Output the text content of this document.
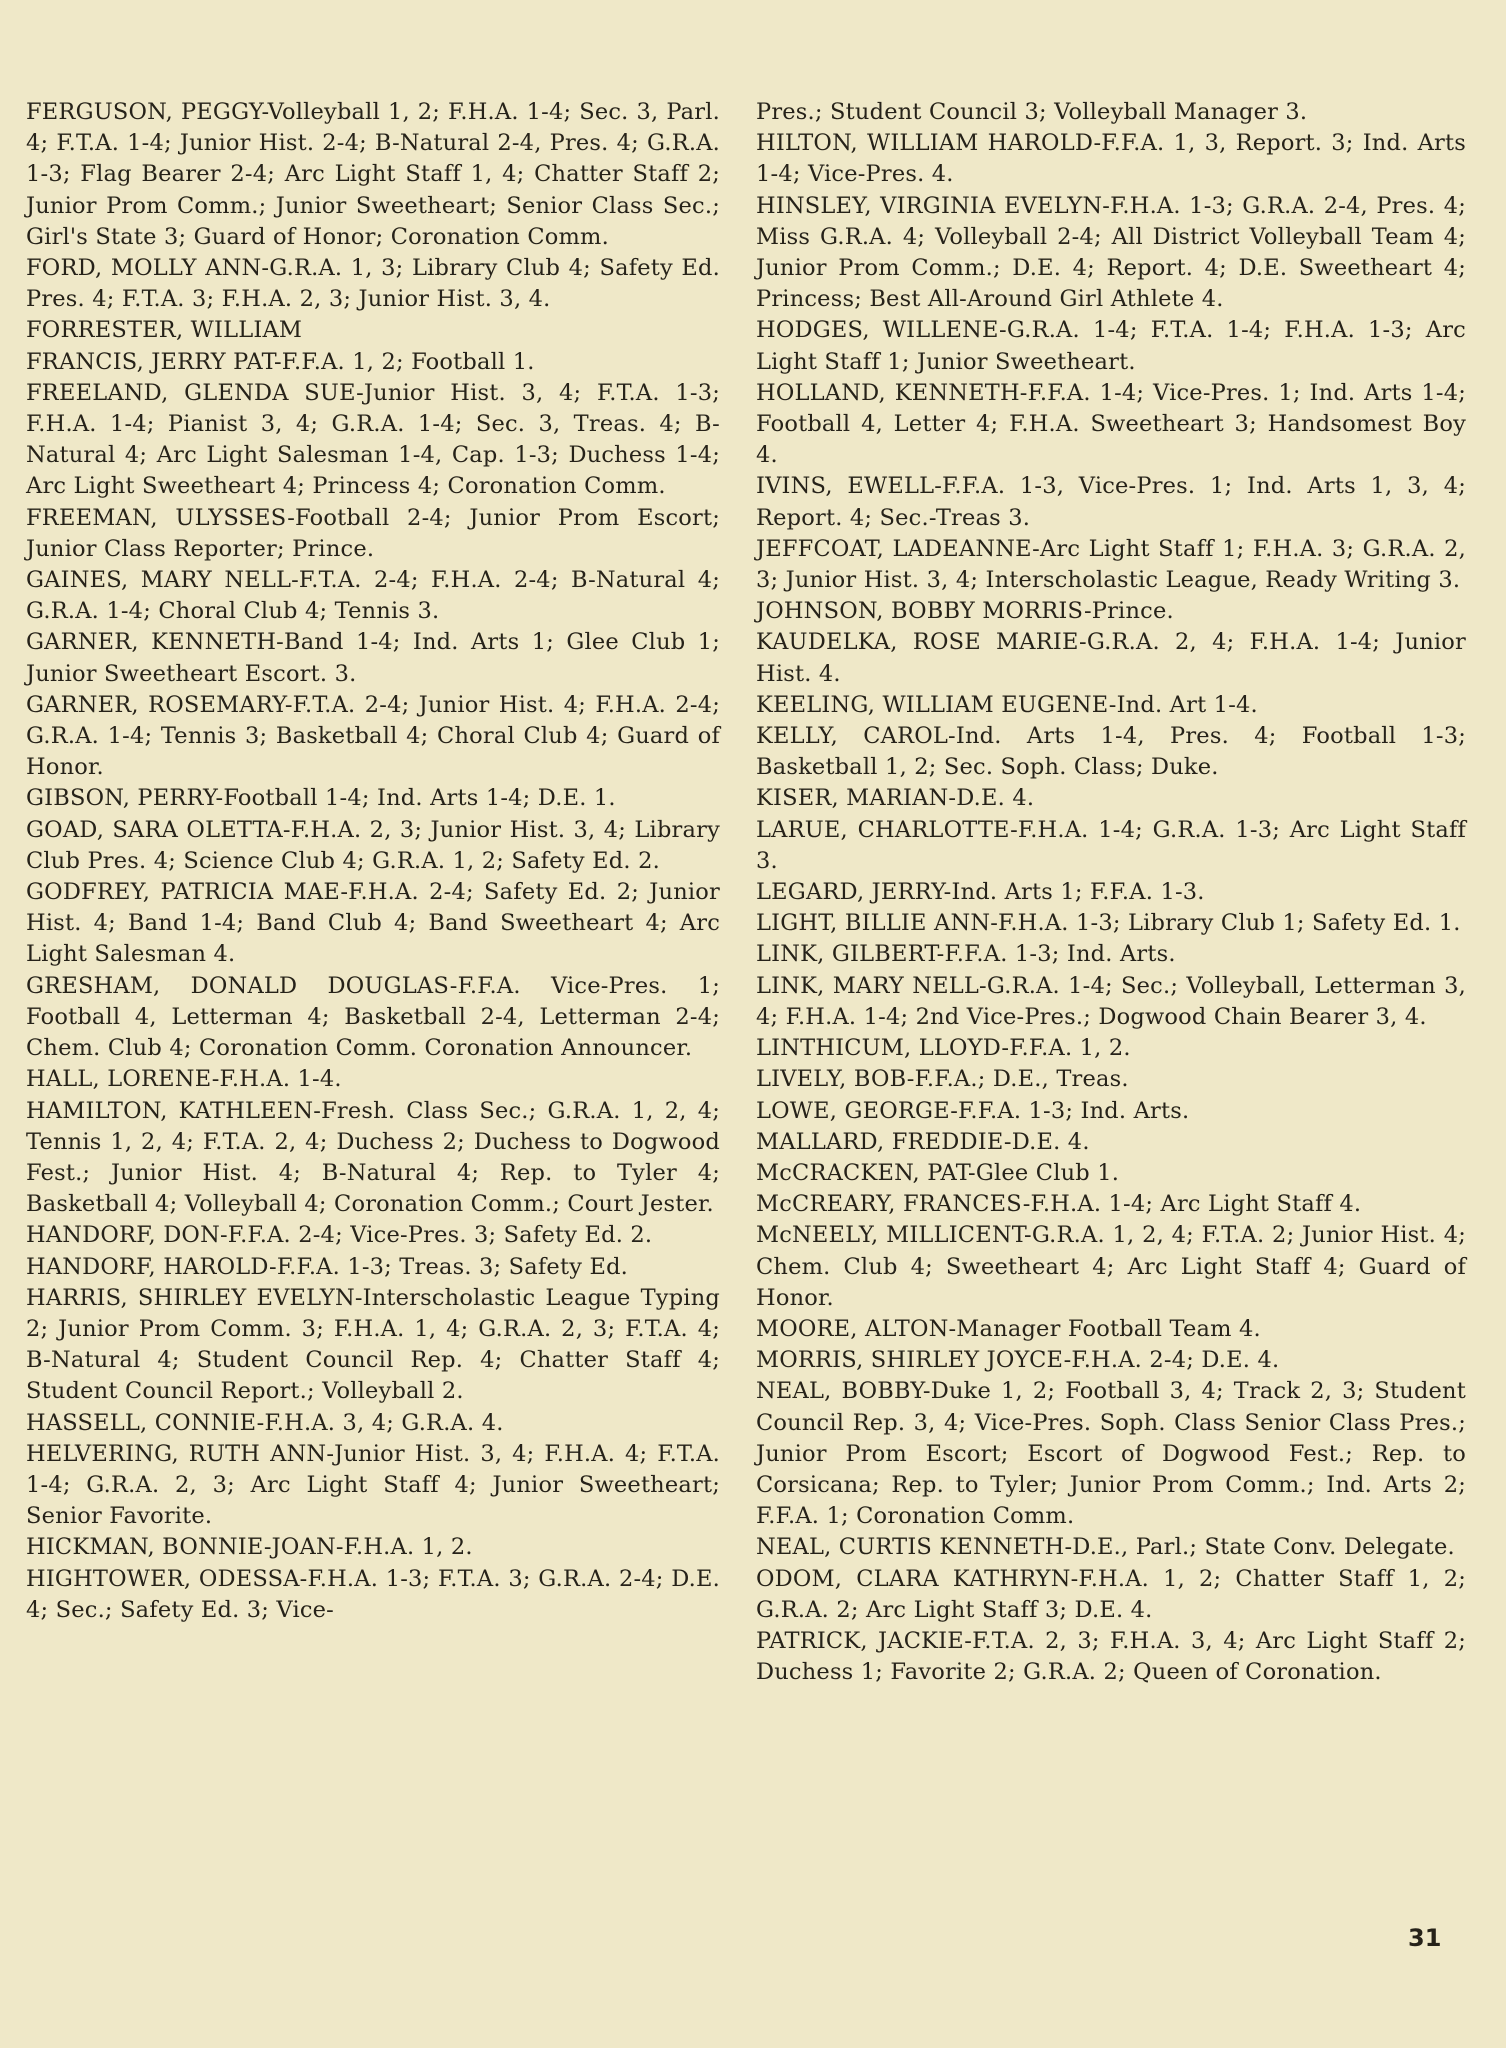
FERGUSON, PEGGY-Volleyball 1, 2; F.H.A. 1-4; Sec. 3, Parl. 4; F.T.A. 1-4; Junior Hist. 2-4; B-Natural 2-4, Pres. 4; G.R.A. 1-3; Flag Bearer 2-4; Arc Light Staff 1, 4; Chatter Staff 2; Junior Prom Comm.; Junior Sweetheart; Senior Class Sec.; Girl's State 3; Guard of Honor; Coronation Comm.

FORD, MOLLY ANN-G.R.A. 1, 3; Library Club 4; Safety Ed. Pres. 4; F.T.A. 3; F.H.A. 2, 3; Junior Hist. 3, 4.

FORRESTER, WILLIAM

FRANCIS, JERRY PAT-F.F.A. 1, 2; Football 1.

FREELAND, GLENDA SUE-Junior Hist. 3, 4; F.T.A. 1-3; F.H.A. 1-4; Pianist 3, 4; G.R.A. 1-4; Sec. 3, Treas. 4; B-Natural 4; Arc Light Salesman 1-4, Cap. 1-3; Duchess 1-4; Arc Light Sweetheart 4; Princess 4; Coronation Comm.

FREEMAN, ULYSSES-Football 2-4; Junior Prom Escort; Junior Class Reporter; Prince.

GAINES, MARY NELL-F.T.A. 2-4; F.H.A. 2-4; B-Natural 4; G.R.A. 1-4; Choral Club 4; Tennis 3.

GARNER, KENNETH-Band 1-4; Ind. Arts 1; Glee Club 1; Junior Sweetheart Escort. 3.

GARNER, ROSEMARY-F.T.A. 2-4; Junior Hist. 4; F.H.A. 2-4; G.R.A. 1-4; Tennis 3; Basketball 4; Choral Club 4; Guard of Honor.

GIBSON, PERRY-Football 1-4; Ind. Arts 1-4; D.E. 1.

GOAD, SARA OLETTA-F.H.A. 2, 3; Junior Hist. 3, 4; Library Club Pres. 4; Science Club 4; G.R.A. 1, 2; Safety Ed. 2.

GODFREY, PATRICIA MAE-F.H.A. 2-4; Safety Ed. 2; Junior Hist. 4; Band 1-4; Band Club 4; Band Sweetheart 4; Arc Light Salesman 4.

GRESHAM, DONALD DOUGLAS-F.F.A. Vice-Pres. 1; Football 4, Letterman 4; Basketball 2-4, Letterman 2-4; Chem. Club 4; Coronation Comm. Coronation Announcer.

HALL, LORENE-F.H.A. 1-4.

HAMILTON, KATHLEEN-Fresh. Class Sec.; G.R.A. 1, 2, 4; Tennis 1, 2, 4; F.T.A. 2, 4; Duchess 2; Duchess to Dogwood Fest.; Junior Hist. 4; B-Natural 4; Rep. to Tyler 4; Basketball 4; Volleyball 4; Coronation Comm.; Court Jester.

HANDORF, DON-F.F.A. 2-4; Vice-Pres. 3; Safety Ed. 2.

HANDORF, HAROLD-F.F.A. 1-3; Treas. 3; Safety Ed.

HARRIS, SHIRLEY EVELYN-Interscholastic League Typing 2; Junior Prom Comm. 3; F.H.A. 1, 4; G.R.A. 2, 3; F.T.A. 4; B-Natural 4; Student Council Rep. 4; Chatter Staff 4; Student Council Report.; Volleyball 2.

HASSELL, CONNIE-F.H.A. 3, 4; G.R.A. 4.

HELVERING, RUTH ANN-Junior Hist. 3, 4; F.H.A. 4; F.T.A. 1-4; G.R.A. 2, 3; Arc Light Staff 4; Junior Sweetheart; Senior Favorite.

HICKMAN, BONNIE-JOAN-F.H.A. 1, 2.

HIGHTOWER, ODESSA-F.H.A. 1-3; F.T.A. 3; G.R.A. 2-4; D.E. 4; Sec.; Safety Ed. 3; Vice-

Pres.; Student Council 3; Volleyball Manager 3.

HILTON, WILLIAM HAROLD-F.F.A. 1, 3, Report. 3; Ind. Arts 1-4; Vice-Pres. 4.

HINSLEY, VIRGINIA EVELYN-F.H.A. 1-3; G.R.A. 2-4, Pres. 4; Miss G.R.A. 4; Volleyball 2-4; All District Volleyball Team 4; Junior Prom Comm.; D.E. 4; Report. 4; D.E. Sweetheart 4; Princess; Best All-Around Girl Athlete 4.

HODGES, WILLENE-G.R.A. 1-4; F.T.A. 1-4; F.H.A. 1-3; Arc Light Staff 1; Junior Sweetheart.

HOLLAND, KENNETH-F.F.A. 1-4; Vice-Pres. 1; Ind. Arts 1-4; Football 4, Letter 4; F.H.A. Sweetheart 3; Handsomest Boy 4.

IVINS, EWELL-F.F.A. 1-3, Vice-Pres. 1; Ind. Arts 1, 3, 4; Report. 4; Sec.-Treas 3.

JEFFCOAT, LADEANNE-Arc Light Staff 1; F.H.A. 3; G.R.A. 2, 3; Junior Hist. 3, 4; Interscholastic League, Ready Writing 3.

JOHNSON, BOBBY MORRIS-Prince.

KAUDELKA, ROSE MARIE-G.R.A. 2, 4; F.H.A. 1-4; Junior Hist. 4.

KEELING, WILLIAM EUGENE-Ind. Art 1-4.

KELLY, CAROL-Ind. Arts 1-4, Pres. 4; Football 1-3; Basketball 1, 2; Sec. Soph. Class; Duke.

KISER, MARIAN-D.E. 4.

LARUE, CHARLOTTE-F.H.A. 1-4; G.R.A. 1-3; Arc Light Staff 3.

LEGARD, JERRY-Ind. Arts 1; F.F.A. 1-3.

LIGHT, BILLIE ANN-F.H.A. 1-3; Library Club 1; Safety Ed. 1.

LINK, GILBERT-F.F.A. 1-3; Ind. Arts.

LINK, MARY NELL-G.R.A. 1-4; Sec.; Volleyball, Letterman 3, 4; F.H.A. 1-4; 2nd Vice-Pres.; Dogwood Chain Bearer 3, 4.

LINTHICUM, LLOYD-F.F.A. 1, 2.

LIVELY, BOB-F.F.A.; D.E., Treas.

LOWE, GEORGE-F.F.A. 1-3; Ind. Arts.

MALLARD, FREDDIE-D.E. 4.

McCRACKEN, PAT-Glee Club 1.

McCREARY, FRANCES-F.H.A. 1-4; Arc Light Staff 4.

McNEELY, MILLICENT-G.R.A. 1, 2, 4; F.T.A. 2; Junior Hist. 4; Chem. Club 4; Sweetheart 4; Arc Light Staff 4; Guard of Honor.

MOORE, ALTON-Manager Football Team 4.

MORRIS, SHIRLEY JOYCE-F.H.A. 2-4; D.E. 4.

NEAL, BOBBY-Duke 1, 2; Football 3, 4; Track 2, 3; Student Council Rep. 3, 4; Vice-Pres. Soph. Class Senior Class Pres.; Junior Prom Escort; Escort of Dogwood Fest.; Rep. to Corsicana; Rep. to Tyler; Junior Prom Comm.; Ind. Arts 2; F.F.A. 1; Coronation Comm.

NEAL, CURTIS KENNETH-D.E., Parl.; State Conv. Delegate.

ODOM, CLARA KATHRYN-F.H.A. 1, 2; Chatter Staff 1, 2; G.R.A. 2; Arc Light Staff 3; D.E. 4.

PATRICK, JACKIE-F.T.A. 2, 3; F.H.A. 3, 4; Arc Light Staff 2; Duchess 1; Favorite 2; G.R.A. 2; Queen of Coronation.

31
